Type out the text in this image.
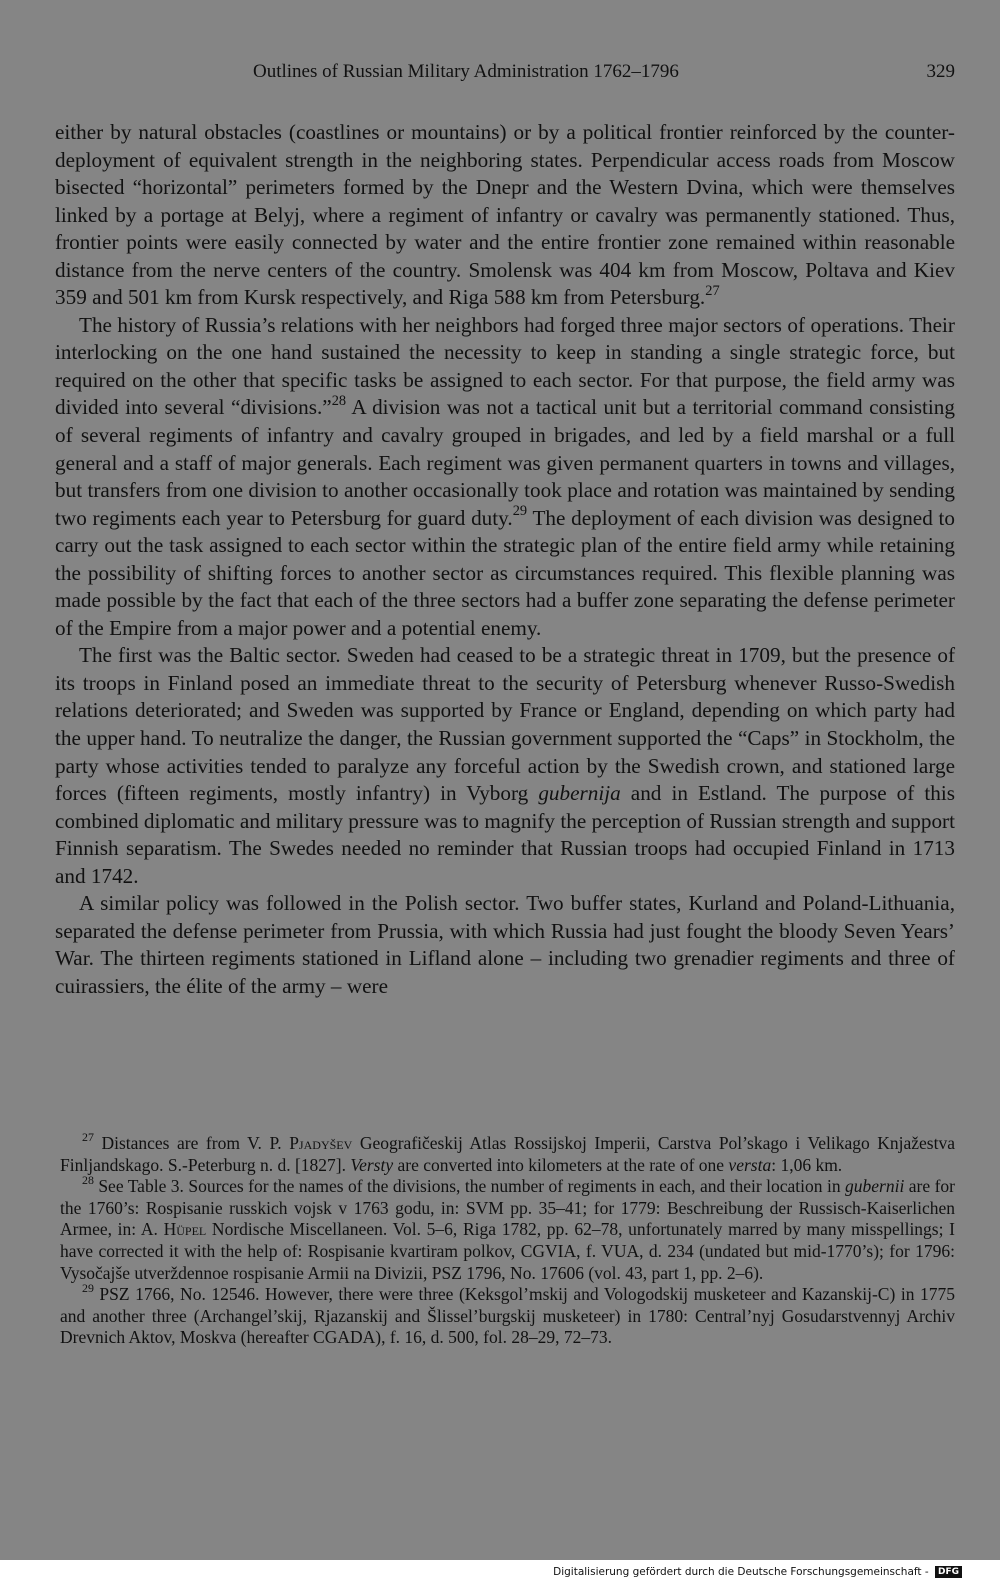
Outlines of Russian Military Administration 1762–1796	329

either by natural obstacles (coastlines or mountains) or by a political frontier reinforced by the counter-deployment of equivalent strength in the neighboring states. Perpendicular access roads from Moscow bisected “horizontal” perimeters formed by the Dnepr and the Western Dvina, which were themselves linked by a portage at Belyj, where a regiment of infantry or cavalry was permanently stationed. Thus, frontier points were easily connected by water and the entire frontier zone remained within reasonable distance from the nerve centers of the country. Smolensk was 404 km from Moscow, Poltava and Kiev 359 and 501 km from Kursk respectively, and Riga 588 km from Petersburg.$^{27}$

The history of Russia’s relations with her neighbors had forged three major sectors of operations. Their interlocking on the one hand sustained the necessity to keep in standing a single strategic force, but required on the other that specific tasks be assigned to each sector. For that purpose, the field army was divided into several “divisions.”$^{28}$ A division was not a tactical unit but a territorial command consisting of several regiments of infantry and cavalry grouped in brigades, and led by a field marshal or a full general and a staff of major generals. Each regiment was given permanent quarters in towns and villages, but transfers from one division to another occasionally took place and rotation was maintained by sending two regiments each year to Petersburg for guard duty.$^{29}$ The deployment of each division was designed to carry out the task assigned to each sector within the strategic plan of the entire field army while retaining the possibility of shifting forces to another sector as circumstances required. This flexible planning was made possible by the fact that each of the three sectors had a buffer zone separating the defense perimeter of the Empire from a major power and a potential enemy.

The first was the Baltic sector. Sweden had ceased to be a strategic threat in 1709, but the presence of its troops in Finland posed an immediate threat to the security of Petersburg whenever Russo-Swedish relations deteriorated; and Sweden was supported by France or England, depending on which party had the upper hand. To neutralize the danger, the Russian government supported the “Caps” in Stockholm, the party whose activities tended to paralyze any forceful action by the Swedish crown, and stationed large forces (fifteen regiments, mostly infantry) in Vyborg gubernija and in Estland. The purpose of this combined diplomatic and military pressure was to magnify the perception of Russian strength and support Finnish separatism. The Swedes needed no reminder that Russian troops had occupied Finland in 1713 and 1742.

A similar policy was followed in the Polish sector. Two buffer states, Kurland and Poland-Lithuania, separated the defense perimeter from Prussia, with which Russia had just fought the bloody Seven Years’ War. The thirteen regiments stationed in Lifland alone – including two grenadier regiments and three of cuirassiers, the élite of the army – were

$^{27}$ Distances are from V. P. Pjadyšev Geografičeskij Atlas Rossijskoj Imperii, Carstva Pol’skago i Velikago Knjažestva Finljandskago. S.-Peterburg n. d. [1827]. Versty are converted into kilometers at the rate of one versta: 1,06 km.

$^{28}$ See Table 3. Sources for the names of the divisions, the number of regiments in each, and their location in gubernii are for the 1760’s: Rospisanie russkich vojsk v 1763 godu, in: SVM pp. 35–41; for 1779: Beschreibung der Russisch-Kaiserlichen Armee, in: A. Hüpel Nordische Miscellaneen. Vol. 5–6, Riga 1782, pp. 62–78, unfortunately marred by many misspellings; I have corrected it with the help of: Rospisanie kvartiram polkov, CGVIA, f. VUA, d. 234 (undated but mid-1770’s); for 1796: Vysočajše utverždennoe rospisanie Armii na Divizii, PSZ 1796, No. 17606 (vol. 43, part 1, pp. 2–6).

$^{29}$ PSZ 1766, No. 12546. However, there were three (Keksgol’mskij and Vologodskij musketeer and Kazanskij-C) in 1775 and another three (Archangel’skij, Rjazanskij and Šlissel’burgskij musketeer) in 1780: Central’nyj Gosudarstvennyj Archiv Drevnich Aktov, Moskva (hereafter CGADA), f. 16, d. 500, fol. 28–29, 72–73.

Digitalisierung gefördert durch die Deutsche Forschungsgemeinschaft - DFG
